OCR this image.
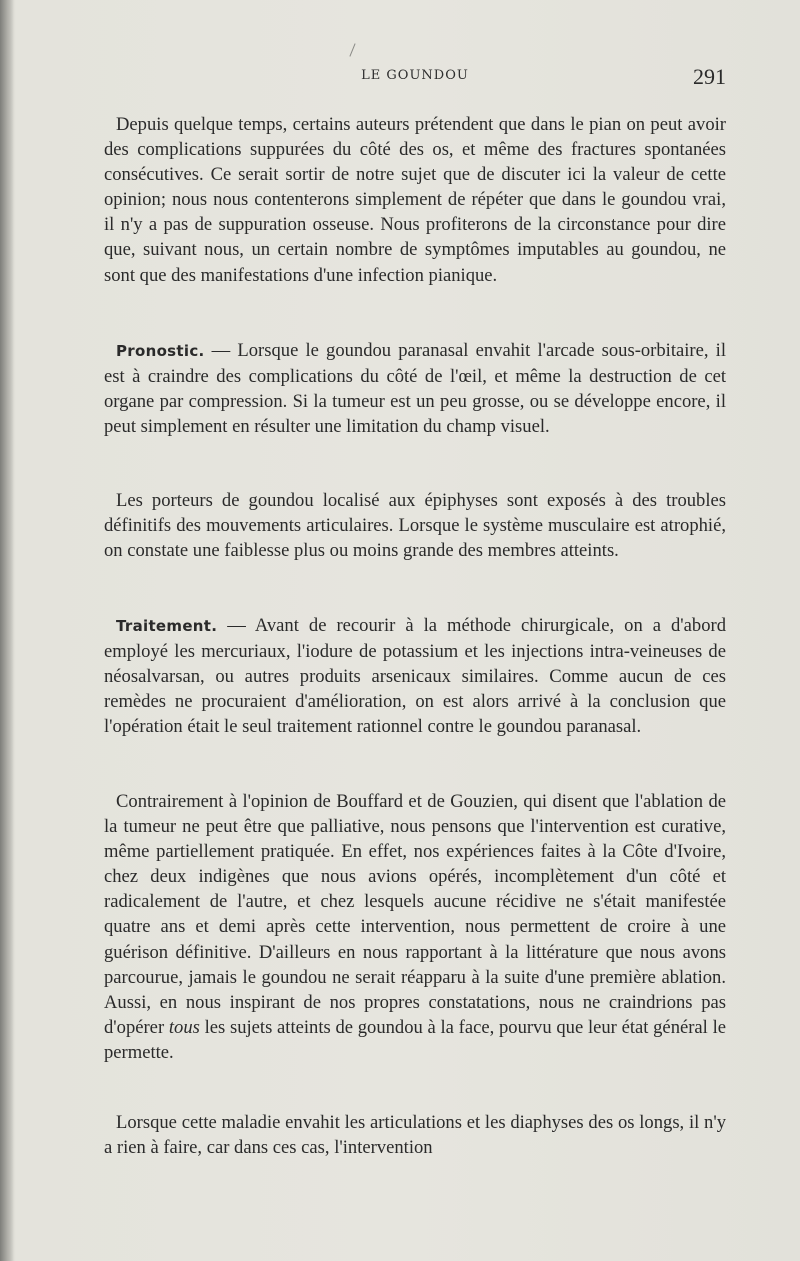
LE GOUNDOU	291

Depuis quelque temps, certains auteurs prétendent que dans le pian on peut avoir des complications suppurées du côté des os, et même des fractures spontanées consécutives. Ce serait sortir de notre sujet que de discuter ici la valeur de cette opinion; nous nous contenterons simplement de répéter que dans le goundou vrai, il n'y a pas de suppuration osseuse. Nous profiterons de la circonstance pour dire que, suivant nous, un certain nombre de symptômes imputables au goundou, ne sont que des manifestations d'une infection pianique.

Pronostic. — Lorsque le goundou paranasal envahit l'arcade sous-orbitaire, il est à craindre des complications du côté de l'œil, et même la destruction de cet organe par compression. Si la tumeur est un peu grosse, ou se développe encore, il peut simplement en résulter une limitation du champ visuel.

Les porteurs de goundou localisé aux épiphyses sont exposés à des troubles définitifs des mouvements articulaires. Lorsque le système musculaire est atrophié, on constate une faiblesse plus ou moins grande des membres atteints.

Traitement. — Avant de recourir à la méthode chirurgicale, on a d'abord employé les mercuriaux, l'iodure de potassium et les injections intra-veineuses de néosalvarsan, ou autres produits arsenicaux similaires. Comme aucun de ces remèdes ne procuraient d'amélioration, on est alors arrivé à la conclusion que l'opération était le seul traitement rationnel contre le goundou paranasal.

Contrairement à l'opinion de Bouffard et de Gouzien, qui disent que l'ablation de la tumeur ne peut être que palliative, nous pensons que l'intervention est curative, même partiellement pratiquée. En effet, nos expériences faites à la Côte d'Ivoire, chez deux indigènes que nous avions opérés, incomplètement d'un côté et radicalement de l'autre, et chez lesquels aucune récidive ne s'était manifestée quatre ans et demi après cette intervention, nous permettent de croire à une guérison définitive. D'ailleurs en nous rapportant à la littérature que nous avons parcourue, jamais le goundou ne serait réapparu à la suite d'une première ablation. Aussi, en nous inspirant de nos propres constatations, nous ne craindrions pas d'opérer tous les sujets atteints de goundou à la face, pourvu que leur état général le permette.

Lorsque cette maladie envahit les articulations et les diaphyses des os longs, il n'y a rien à faire, car dans ces cas, l'intervention
